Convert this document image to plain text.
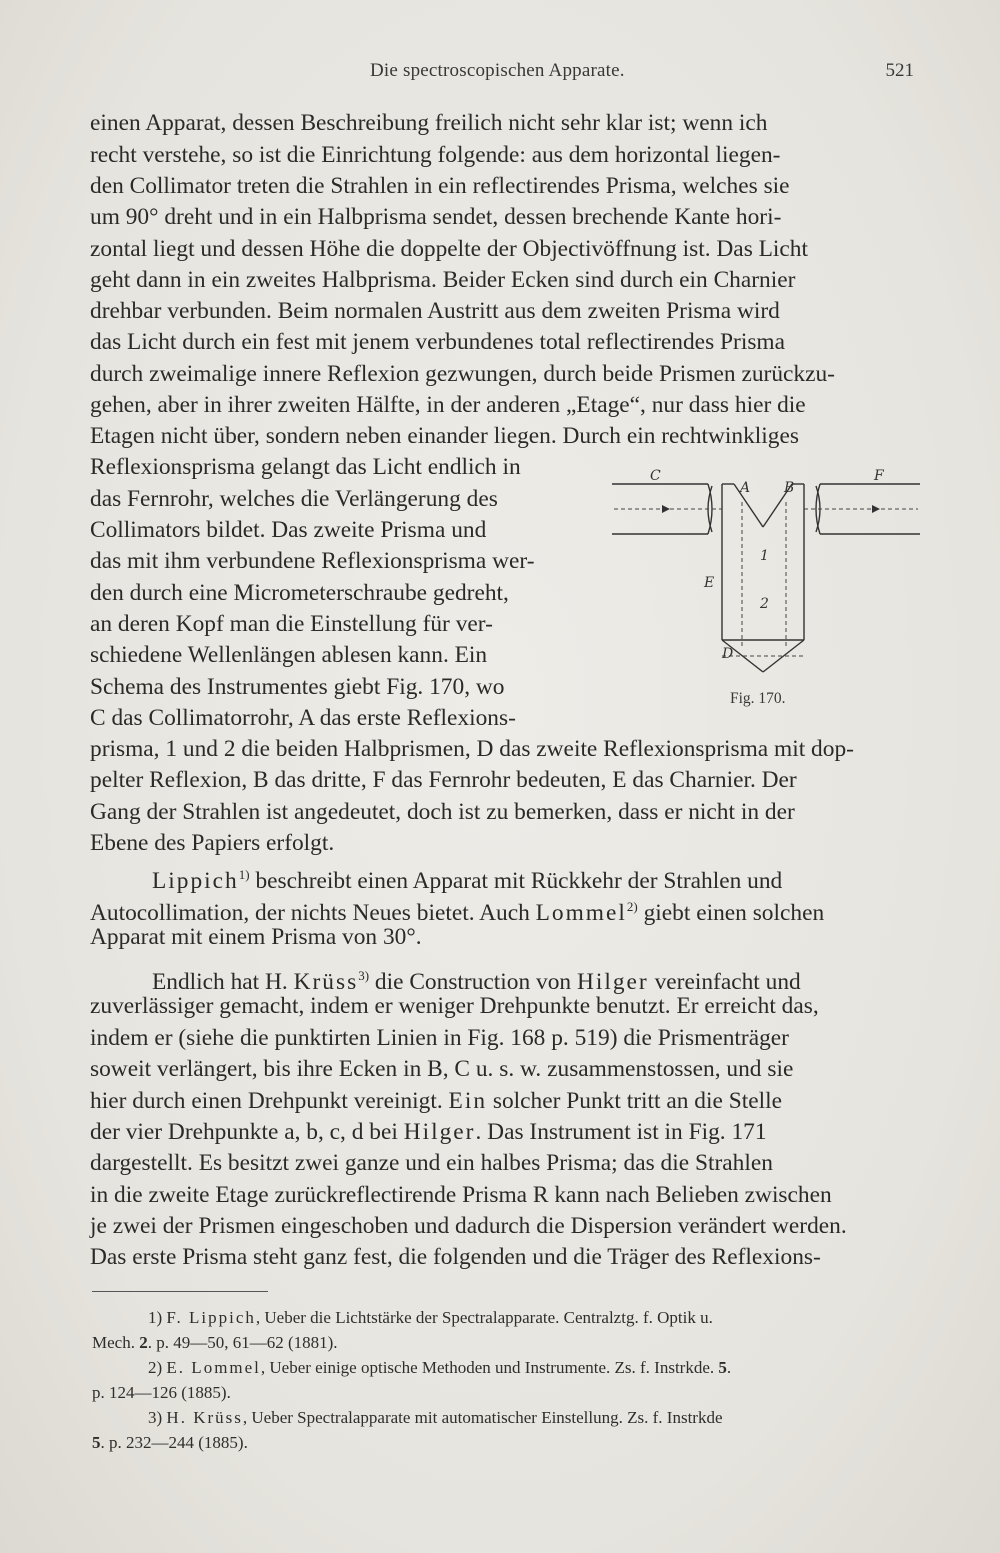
Die spectroscopischen Apparate.	521
einen Apparat, dessen Beschreibung freilich nicht sehr klar ist; wenn ich
recht verstehe, so ist die Einrichtung folgende: aus dem horizontal liegen-
den Collimator treten die Strahlen in ein reflectirendes Prisma, welches sie
um 90° dreht und in ein Halbprisma sendet, dessen brechende Kante hori-
zontal liegt und dessen Höhe die doppelte der Objectivöffnung ist. Das Licht
geht dann in ein zweites Halbprisma. Beider Ecken sind durch ein Charnier
drehbar verbunden. Beim normalen Austritt aus dem zweiten Prisma wird
das Licht durch ein fest mit jenem verbundenes total reflectirendes Prisma
durch zweimalige innere Reflexion gezwungen, durch beide Prismen zurückzu-
gehen, aber in ihrer zweiten Hälfte, in der anderen „Etage“, nur dass hier die
Etagen nicht über, sondern neben einander liegen. Durch ein rechtwinkliges
Reflexionsprisma gelangt das Licht endlich in
das Fernrohr, welches die Verlängerung des
Collimators bildet. Das zweite Prisma und
das mit ihm verbundene Reflexionsprisma wer-
den durch eine Micrometerschraube gedreht,
an deren Kopf man die Einstellung für ver-
schiedene Wellenlängen ablesen kann. Ein
Schema des Instrumentes giebt Fig. 170, wo
C das Collimatorrohr, A das erste Reflexions-
prisma, 1 und 2 die beiden Halbprismen, D das zweite Reflexionsprisma mit dop-
pelter Reflexion, B das dritte, F das Fernrohr bedeuten, E das Charnier. Der
Gang der Strahlen ist angedeutet, doch ist zu bemerken, dass er nicht in der
Ebene des Papiers erfolgt.
C
A B
F
E
1
2
D
Fig. 170.
Lippich$^{1)}$ beschreibt einen Apparat mit Rückkehr der Strahlen und
Autocollimation, der nichts Neues bietet. Auch Lommel$^{2)}$ giebt einen solchen
Apparat mit einem Prisma von 30°.
Endlich hat H. Krüss$^{3)}$ die Construction von Hilger vereinfacht und
zuverlässiger gemacht, indem er weniger Drehpunkte benutzt. Er erreicht das,
indem er (siehe die punktirten Linien in Fig. 168 p. 519) die Prismenträger
soweit verlängert, bis ihre Ecken in B, C u. s. w. zusammenstossen, und sie
hier durch einen Drehpunkt vereinigt. Ein solcher Punkt tritt an die Stelle
der vier Drehpunkte a, b, c, d bei Hilger. Das Instrument ist in Fig. 171
dargestellt. Es besitzt zwei ganze und ein halbes Prisma; das die Strahlen
in die zweite Etage zurückreflectirende Prisma R kann nach Belieben zwischen
je zwei der Prismen eingeschoben und dadurch die Dispersion verändert werden.
Das erste Prisma steht ganz fest, die folgenden und die Träger des Reflexions-
1) F. Lippich, Ueber die Lichtstärke der Spectralapparate. Centralztg. f. Optik u.
Mech. 2. p. 49—50, 61—62 (1881).
2) E. Lommel, Ueber einige optische Methoden und Instrumente. Zs. f. Instrkde. 5.
p. 124—126 (1885).
3) H. Krüss, Ueber Spectralapparate mit automatischer Einstellung. Zs. f. Instrkde
5. p. 232—244 (1885).
